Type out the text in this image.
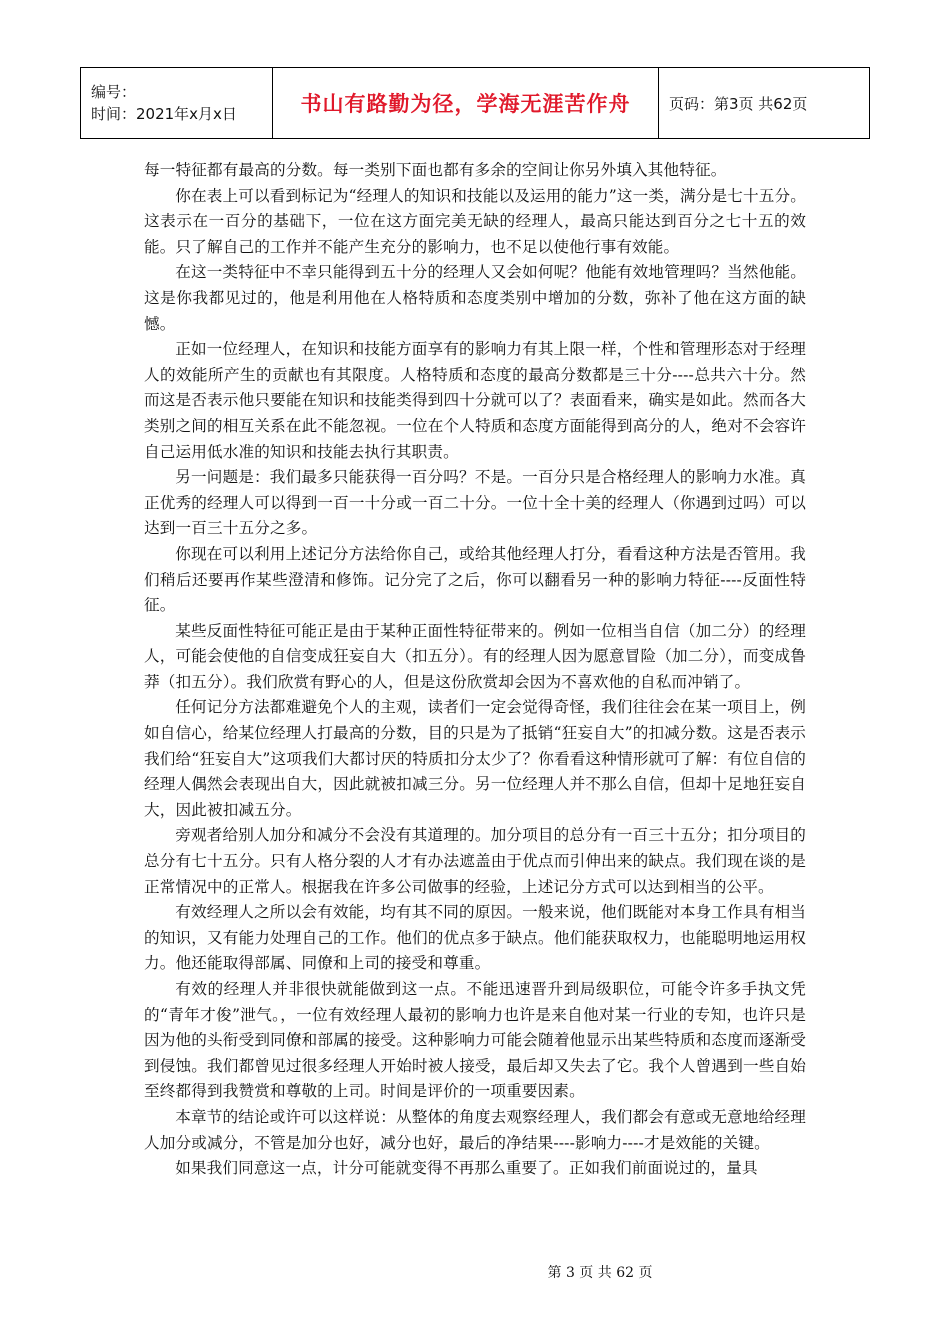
编号：
时间：2021年x月x日	书山有路勤为径，学海无涯苦作舟	页码：第3页 共62页

每一特征都有最高的分数。每一类别下面也都有多余的空间让你另外填入其他特征。

你在表上可以看到标记为“经理人的知识和技能以及运用的能力”这一类，满分是七十五分。这表示在一百分的基础下，一位在这方面完美无缺的经理人，最高只能达到百分之七十五的效能。只了解自己的工作并不能产生充分的影响力，也不足以使他行事有效能。

在这一类特征中不幸只能得到五十分的经理人又会如何呢？他能有效地管理吗？当然他能。这是你我都见过的，他是利用他在人格特质和态度类别中增加的分数，弥补了他在这方面的缺憾。

正如一位经理人，在知识和技能方面享有的影响力有其上限一样，个性和管理形态对于经理人的效能所产生的贡献也有其限度。人格特质和态度的最高分数都是三十分----总共六十分。然而这是否表示他只要能在知识和技能类得到四十分就可以了？表面看来，确实是如此。然而各大类别之间的相互关系在此不能忽视。一位在个人特质和态度方面能得到高分的人，绝对不会容许自己运用低水准的知识和技能去执行其职责。

另一问题是：我们最多只能获得一百分吗？不是。一百分只是合格经理人的影响力水准。真正优秀的经理人可以得到一百一十分或一百二十分。一位十全十美的经理人（你遇到过吗）可以达到一百三十五分之多。

你现在可以利用上述记分方法给你自己，或给其他经理人打分，看看这种方法是否管用。我们稍后还要再作某些澄清和修饰。记分完了之后，你可以翻看另一种的影响力特征----反面性特征。

某些反面性特征可能正是由于某种正面性特征带来的。例如一位相当自信（加二分）的经理人，可能会使他的自信变成狂妄自大（扣五分）。有的经理人因为愿意冒险（加二分），而变成鲁莽（扣五分）。我们欣赏有野心的人，但是这份欣赏却会因为不喜欢他的自私而冲销了。

任何记分方法都难避免个人的主观，读者们一定会觉得奇怪，我们往往会在某一项目上，例如自信心，给某位经理人打最高的分数，目的只是为了抵销“狂妄自大”的扣减分数。这是否表示我们给“狂妄自大”这项我们大都讨厌的特质扣分太少了？你看看这种情形就可了解：有位自信的经理人偶然会表现出自大，因此就被扣减三分。另一位经理人并不那么自信，但却十足地狂妄自大，因此被扣减五分。

旁观者给别人加分和减分不会没有其道理的。加分项目的总分有一百三十五分；扣分项目的总分有七十五分。只有人格分裂的人才有办法遮盖由于优点而引伸出来的缺点。我们现在谈的是正常情况中的正常人。根据我在许多公司做事的经验，上述记分方式可以达到相当的公平。

有效经理人之所以会有效能，均有其不同的原因。一般来说，他们既能对本身工作具有相当的知识，又有能力处理自己的工作。他们的优点多于缺点。他们能获取权力，也能聪明地运用权力。他还能取得部属、同僚和上司的接受和尊重。

有效的经理人并非很快就能做到这一点。不能迅速晋升到局级职位，可能令许多手执文凭的“青年才俊”泄气。，一位有效经理人最初的影响力也许是来自他对某一行业的专知，也许只是因为他的头衔受到同僚和部属的接受。这种影响力可能会随着他显示出某些特质和态度而逐渐受到侵蚀。我们都曾见过很多经理人开始时被人接受，最后却又失去了它。我个人曾遇到一些自始至终都得到我赞赏和尊敬的上司。时间是评价的一项重要因素。

本章节的结论或许可以这样说：从整体的角度去观察经理人，我们都会有意或无意地给经理人加分或减分，不管是加分也好，减分也好，最后的净结果----影响力----才是效能的关键。

如果我们同意这一点，计分可能就变得不再那么重要了。正如我们前面说过的，量具

第 3 页 共 62 页
